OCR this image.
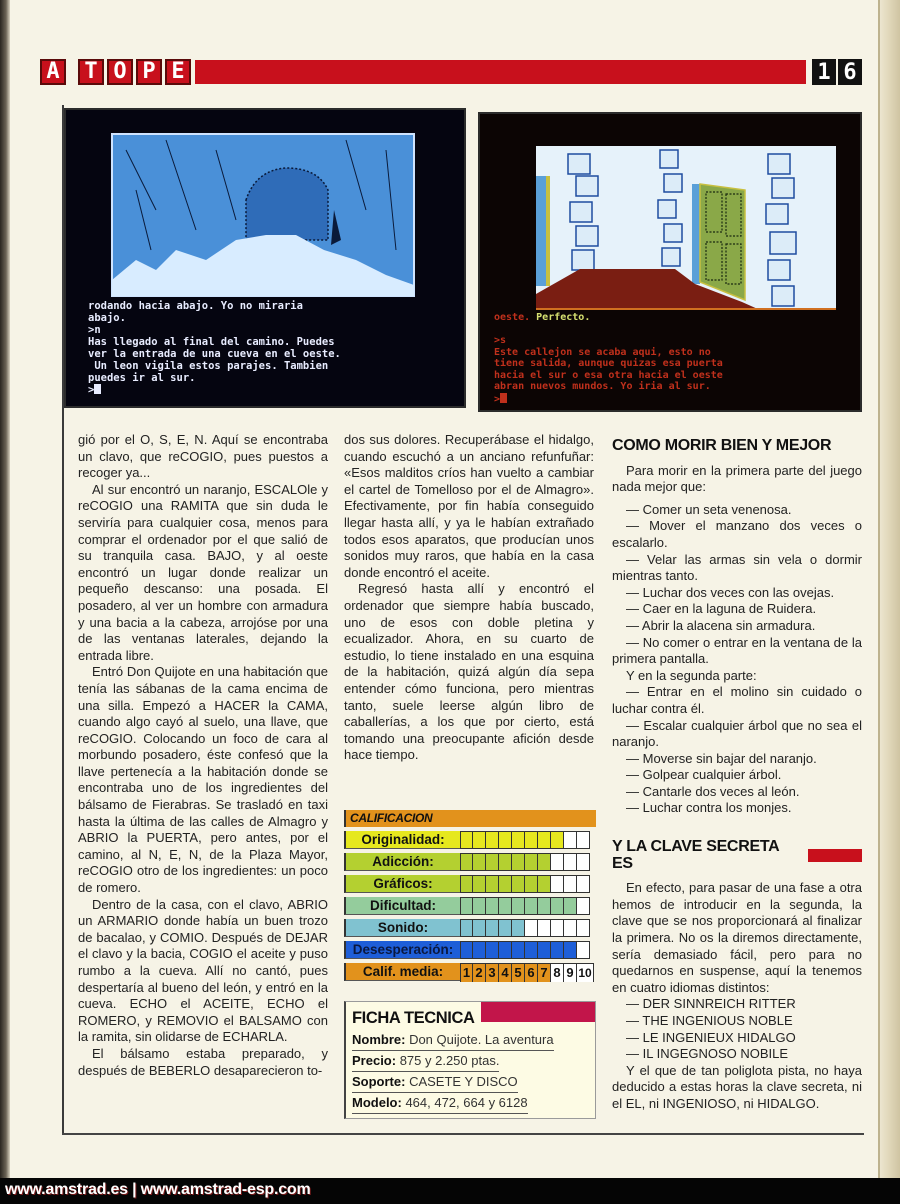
A T O P E	1 6
rodando hacia abajo. Yo no miraria
abajo.
>n
Has llegado al final del camino. Puedes
ver la entrada de una cueva en el oeste.
Un leon vigila estos parajes. Tambien
puedes ir al sur.
>
oeste. Perfecto.

>s
Este callejon se acaba aqui, esto no
tiene salida, aunque quizas esa puerta
hacia el sur o esa otra hacia el oeste
abran nuevos mundos. Yo iria al sur.
>

gió por el O, S, E, N. Aquí se encontraba un clavo, que reCOGIO, pues puestos a recoger ya...

Al sur encontró un naranjo, ESCALOle y reCOGIO una RAMITA que sin duda le serviría para cualquier cosa, menos para comprar el ordenador por el que salió de su tranquila casa. BAJO, y al oeste encontró un lugar donde realizar un pequeño descanso: una posada. El posadero, al ver un hombre con armadura y una bacia a la cabeza, arrojóse por una de las ventanas laterales, dejando la entrada libre.

Entró Don Quijote en una habitación que tenía las sábanas de la cama encima de una silla. Empezó a HACER la CAMA, cuando algo cayó al suelo, una llave, que reCOGIO. Colocando un foco de cara al morbundo posadero, éste confesó que la llave pertenecía a la habitación donde se encontraba uno de los ingredientes del bálsamo de Fierabras. Se trasladó en taxi hasta la última de las calles de Almagro y ABRIO la PUERTA, pero antes, por el camino, al N, E, N, de la Plaza Mayor, reCOGIO otro de los ingredientes: un poco de romero.

Dentro de la casa, con el clavo, ABRIO un ARMARIO donde había un buen trozo de bacalao, y COMIO. Después de DEJAR el clavo y la bacia, COGIO el aceite y puso rumbo a la cueva. Allí no cantó, pues despertaría al bueno del león, y entró en la cueva. ECHO el ACEITE, ECHO el ROMERO, y REMOVIO el BALSAMO con la ramita, sin olidarse de ECHARLA.

El bálsamo estaba preparado, y después de BEBERLO desaparecieron to-

dos sus dolores. Recuperábase el hidalgo, cuando escuchó a un anciano refunfuñar: «Esos malditos críos han vuelto a cambiar el cartel de Tomelloso por el de Almagro». Efectivamente, por fin había conseguido llegar hasta allí, y ya le habían extrañado todos esos aparatos, que producían unos sonidos muy raros, que había en la casa donde encontró el aceite.

Regresó hasta allí y encontró el ordenador que siempre había buscado, uno de esos con doble pletina y ecualizador. Ahora, en su cuarto de estudio, lo tiene instalado en una esquina de la habitación, quizá algún día sepa entender cómo funciona, pero mientras tanto, suele leerse algún libro de caballerías, a los que por cierto, está tomando una preocupante afición desde hace tiempo.

CALIFICACION
Originalidad:
Adicción:
Gráficos:
Dificultad:
Sonido:
Desesperación:
Calif. media:	1 2 3 4 5 6 7 8 9 10
FICHA TECNICA
Nombre: Don Quijote. La aventura
Precio: 875 y 2.250 ptas.
Soporte: CASETE Y DISCO
Modelo: 464, 472, 664 y 6128
COMO MORIR BIEN Y MEJOR

Para morir en la primera parte del juego nada mejor que:

— Comer un seta venenosa.

— Mover el manzano dos veces o escalarlo.

— Velar las armas sin vela o dormir mientras tanto.

— Luchar dos veces con las ovejas.

— Caer en la laguna de Ruidera.

— Abrir la alacena sin armadura.

— No comer o entrar en la ventana de la primera pantalla.

Y en la segunda parte:

— Entrar en el molino sin cuidado o luchar contra él.

— Escalar cualquier árbol que no sea el naranjo.

— Moverse sin bajar del naranjo.

— Golpear cualquier árbol.

— Cantarle dos veces al león.

— Luchar contra los monjes.

Y LA CLAVE SECRETA ES

En efecto, para pasar de una fase a otra hemos de introducir en la segunda, la clave que se nos proporcionará al finalizar la primera. No os la diremos directamente, sería demasiado fácil, pero para no quedarnos en suspense, aquí la tenemos en cuatro idiomas distintos:

— DER SINNREICH RITTER

— THE INGENIOUS NOBLE

— LE INGENIEUX HIDALGO

— IL INGEGNOSO NOBILE

Y el que de tan poliglota pista, no haya deducido a estas horas la clave secreta, ni el EL, ni INGENIOSO, ni HIDALGO.

www.amstrad.es | www.amstrad-esp.com
